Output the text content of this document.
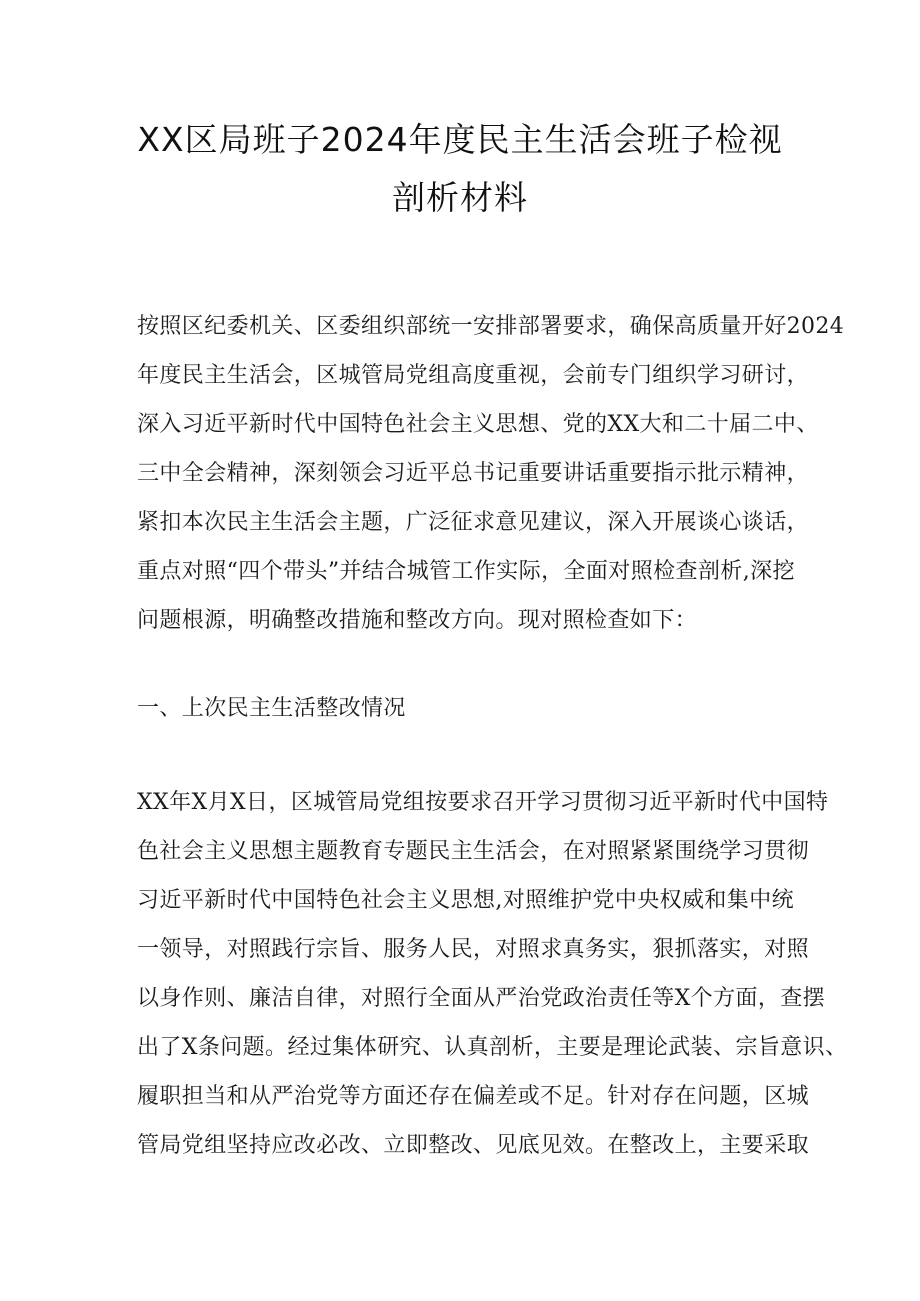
XX区局班子2024年度民主生活会班子检视
剖析材料
按照区纪委机关、区委组织部统一安排部署要求，确保高质量开好2024
年度民主生活会，区城管局党组高度重视，会前专门组织学习研讨，
深入习近平新时代中国特色社会主义思想、党的XX大和二十届二中、
三中全会精神，深刻领会习近平总书记重要讲话重要指示批示精神，
紧扣本次民主生活会主题，广泛征求意见建议，深入开展谈心谈话，
重点对照“四个带头”并结合城管工作实际，全面对照检查剖析,深挖
问题根源，明确整改措施和整改方向。现对照检查如下：
一、上次民主生活整改情况
XX年X月X日，区城管局党组按要求召开学习贯彻习近平新时代中国特
色社会主义思想主题教育专题民主生活会，在对照紧紧围绕学习贯彻
习近平新时代中国特色社会主义思想,对照维护党中央权威和集中统
一领导，对照践行宗旨、服务人民，对照求真务实，狠抓落实，对照
以身作则、廉洁自律，对照行全面从严治党政治责任等X个方面，查摆
出了X条问题。经过集体研究、认真剖析，主要是理论武装、宗旨意识、
履职担当和从严治党等方面还存在偏差或不足。针对存在问题，区城
管局党组坚持应改必改、立即整改、见底见效。在整改上，主要采取
